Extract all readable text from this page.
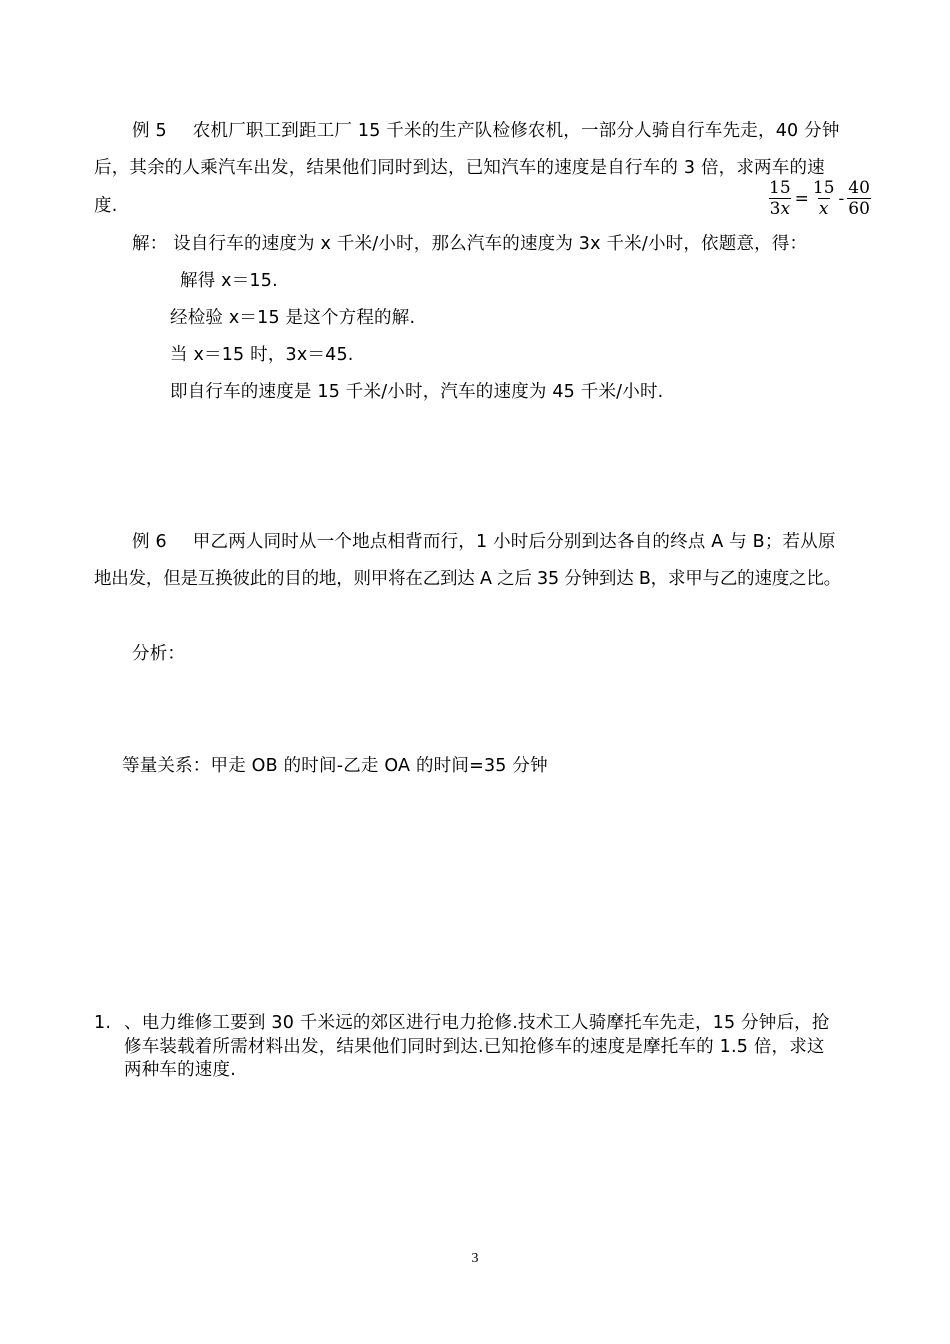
例 5 农机厂职工到距工厂 15 千米的生产队检修农机，一部分人骑自行车先走，40 分钟
后，其余的人乘汽车出发，结果他们同时到达，已知汽车的速度是自行车的 3 倍，求两车的速
度.	$\frac{15}{3x} = \frac{15}{x} - \frac{40}{60}$
解： 设自行车的速度为 x 千米/小时，那么汽车的速度为 3x 千米/小时，依题意，得：
解得 x＝15.
经检验 x＝15 是这个方程的解.
当 x＝15 时，3x＝45.
即自行车的速度是 15 千米/小时，汽车的速度为 45 千米/小时.
例 6 甲乙两人同时从一个地点相背而行，1 小时后分别到达各自的终点 A 与 B；若从原
地出发，但是互换彼此的目的地，则甲将在乙到达 A 之后 35 分钟到达 B，求甲与乙的速度之比。
分析：
等量关系：甲走 OB 的时间-乙走 OA 的时间=35 分钟
1. 、电力维修工要到 30 千米远的郊区进行电力抢修.技术工人骑摩托车先走，15 分钟后，抢
修车装载着所需材料出发，结果他们同时到达.已知抢修车的速度是摩托车的 1.5 倍，求这
两种车的速度.
3
